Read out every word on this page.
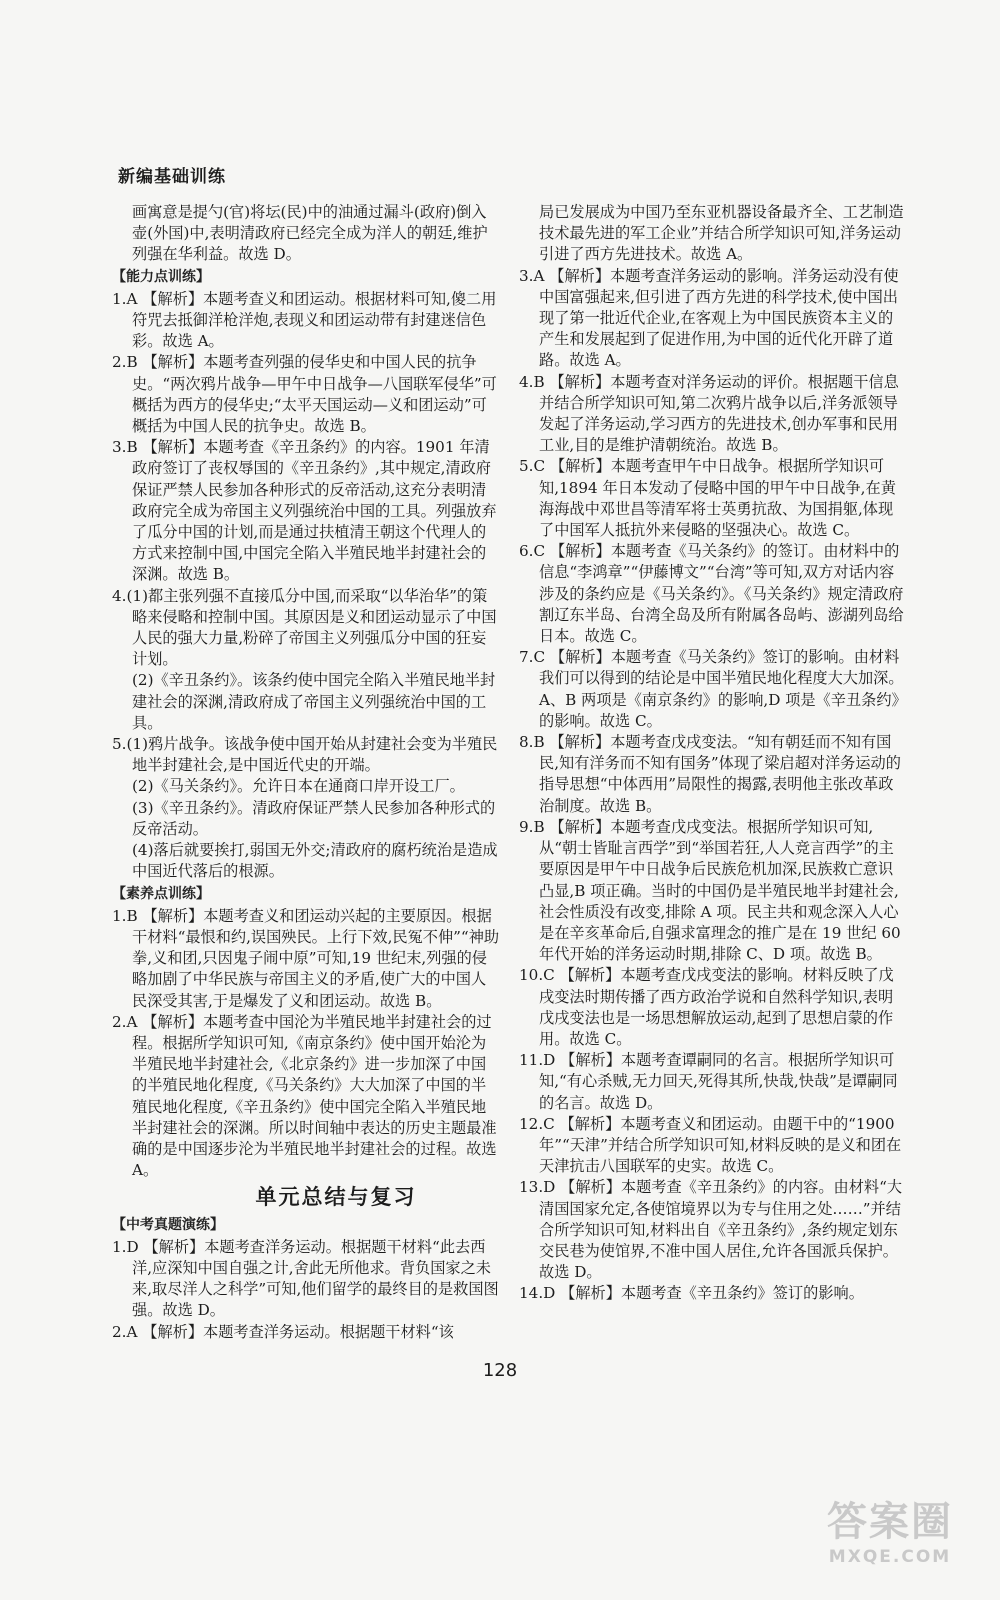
新编基础训练

画寓意是提勺(官)将坛(民)中的油通过漏斗(政府)倒入壶(外国)中,表明清政府已经完全成为洋人的朝廷,维护列强在华利益。故选 D。

【能力点训练】

1.A 【解析】本题考查义和团运动。根据材料可知,傻二用符咒去抵御洋枪洋炮,表现义和团运动带有封建迷信色彩。故选 A。

2.B 【解析】本题考查列强的侵华史和中国人民的抗争史。“两次鸦片战争—甲午中日战争—八国联军侵华”可概括为西方的侵华史;“太平天国运动—义和团运动”可概括为中国人民的抗争史。故选 B。

3.B 【解析】本题考查《辛丑条约》的内容。1901 年清政府签订了丧权辱国的《辛丑条约》,其中规定,清政府保证严禁人民参加各种形式的反帝活动,这充分表明清政府完全成为帝国主义列强统治中国的工具。列强放弃了瓜分中国的计划,而是通过扶植清王朝这个代理人的方式来控制中国,中国完全陷入半殖民地半封建社会的深渊。故选 B。

4.(1)都主张列强不直接瓜分中国,而采取“以华治华”的策略来侵略和控制中国。其原因是义和团运动显示了中国人民的强大力量,粉碎了帝国主义列强瓜分中国的狂妄计划。

(2)《辛丑条约》。该条约使中国完全陷入半殖民地半封建社会的深渊,清政府成了帝国主义列强统治中国的工具。

5.(1)鸦片战争。该战争使中国开始从封建社会变为半殖民地半封建社会,是中国近代史的开端。

(2)《马关条约》。允许日本在通商口岸开设工厂。

(3)《辛丑条约》。清政府保证严禁人民参加各种形式的反帝活动。

(4)落后就要挨打,弱国无外交;清政府的腐朽统治是造成中国近代落后的根源。

【素养点训练】

1.B 【解析】本题考查义和团运动兴起的主要原因。根据干材料“最恨和约,误国殃民。上行下效,民冤不伸”“神助拳,义和团,只因鬼子闹中原”可知,19 世纪末,列强的侵略加剧了中华民族与帝国主义的矛盾,使广大的中国人民深受其害,于是爆发了义和团运动。故选 B。

2.A 【解析】本题考查中国沦为半殖民地半封建社会的过程。根据所学知识可知,《南京条约》使中国开始沦为半殖民地半封建社会,《北京条约》进一步加深了中国的半殖民地化程度,《马关条约》大大加深了中国的半殖民地化程度,《辛丑条约》使中国完全陷入半殖民地半封建社会的深渊。所以时间轴中表达的历史主题最准确的是中国逐步沦为半殖民地半封建社会的过程。故选 A。

单元总结与复习
【中考真题演练】

1.D 【解析】本题考查洋务运动。根据题干材料“此去西洋,应深知中国自强之计,舍此无所他求。背负国家之未来,取尽洋人之科学”可知,他们留学的最终目的是救国图强。故选 D。

2.A 【解析】本题考查洋务运动。根据题干材料“该

局已发展成为中国乃至东亚机器设备最齐全、工艺制造技术最先进的军工企业”并结合所学知识可知,洋务运动引进了西方先进技术。故选 A。

3.A 【解析】本题考查洋务运动的影响。洋务运动没有使中国富强起来,但引进了西方先进的科学技术,使中国出现了第一批近代企业,在客观上为中国民族资本主义的产生和发展起到了促进作用,为中国的近代化开辟了道路。故选 A。

4.B 【解析】本题考查对洋务运动的评价。根据题干信息并结合所学知识可知,第二次鸦片战争以后,洋务派领导发起了洋务运动,学习西方的先进技术,创办军事和民用工业,目的是维护清朝统治。故选 B。

5.C 【解析】本题考查甲午中日战争。根据所学知识可知,1894 年日本发动了侵略中国的甲午中日战争,在黄海海战中邓世昌等清军将士英勇抗敌、为国捐躯,体现了中国军人抵抗外来侵略的坚强决心。故选 C。

6.C 【解析】本题考查《马关条约》的签订。由材料中的信息“李鸿章”“伊藤博文”“台湾”等可知,双方对话内容涉及的条约应是《马关条约》。《马关条约》规定清政府割辽东半岛、台湾全岛及所有附属各岛屿、澎湖列岛给日本。故选 C。

7.C 【解析】本题考查《马关条约》签订的影响。由材料我们可以得到的结论是中国半殖民地化程度大大加深。A、B 两项是《南京条约》的影响,D 项是《辛丑条约》的影响。故选 C。

8.B 【解析】本题考查戊戌变法。“知有朝廷而不知有国民,知有洋务而不知有国务”体现了梁启超对洋务运动的指导思想“中体西用”局限性的揭露,表明他主张改革政治制度。故选 B。

9.B 【解析】本题考查戊戌变法。根据所学知识可知,从“朝士皆耻言西学”到“举国若狂,人人竞言西学”的主要原因是甲午中日战争后民族危机加深,民族救亡意识凸显,B 项正确。当时的中国仍是半殖民地半封建社会,社会性质没有改变,排除 A 项。民主共和观念深入人心是在辛亥革命后,自强求富理念的推广是在 19 世纪 60 年代开始的洋务运动时期,排除 C、D 项。故选 B。

10.C 【解析】本题考查戊戌变法的影响。材料反映了戊戌变法时期传播了西方政治学说和自然科学知识,表明戊戌变法也是一场思想解放运动,起到了思想启蒙的作用。故选 C。

11.D 【解析】本题考查谭嗣同的名言。根据所学知识可知,“有心杀贼,无力回天,死得其所,快哉,快哉”是谭嗣同的名言。故选 D。

12.C 【解析】本题考查义和团运动。由题干中的“1900 年”“天津”并结合所学知识可知,材料反映的是义和团在天津抗击八国联军的史实。故选 C。

13.D 【解析】本题考查《辛丑条约》的内容。由材料“大清国国家允定,各使馆境界以为专与住用之处……”并结合所学知识可知,材料出自《辛丑条约》,条约规定划东交民巷为使馆界,不准中国人居住,允许各国派兵保护。故选 D。

14.D 【解析】本题考查《辛丑条约》签订的影响。

128
答案圈
MXQE.COM
